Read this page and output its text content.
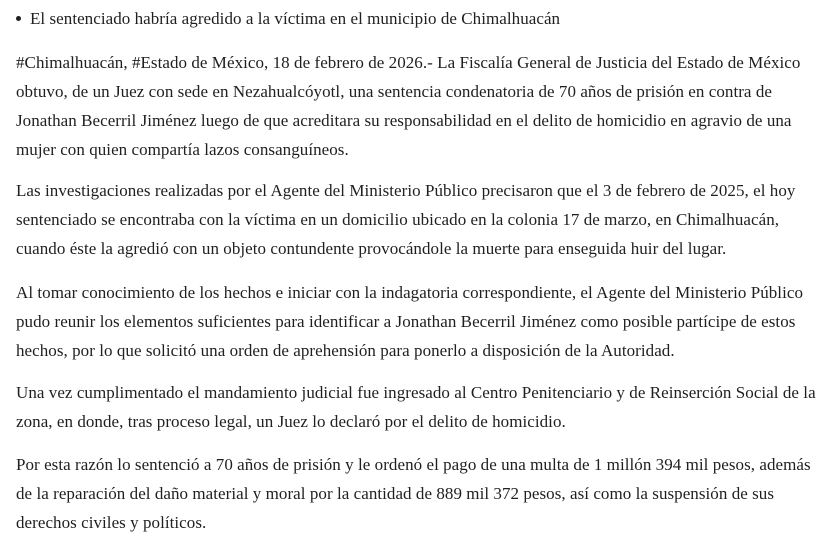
El sentenciado habría agredido a la víctima en el municipio de Chimalhuacán

#Chimalhuacán, #Estado de México, 18 de febrero de 2026.- La Fiscalía General de Justicia del Estado de México obtuvo, de un Juez con sede en Nezahualcóyotl, una sentencia condenatoria de 70 años de prisión en contra de Jonathan Becerril Jiménez luego de que acreditara su responsabilidad en el delito de homicidio en agravio de una mujer con quien compartía lazos consanguíneos.

Las investigaciones realizadas por el Agente del Ministerio Público precisaron que el 3 de febrero de 2025, el hoy sentenciado se encontraba con la víctima en un domicilio ubicado en la colonia 17 de marzo, en Chimalhuacán, cuando éste la agredió con un objeto contundente provocándole la muerte para enseguida huir del lugar.

Al tomar conocimiento de los hechos e iniciar con la indagatoria correspondiente, el Agente del Ministerio Público pudo reunir los elementos suficientes para identificar a Jonathan Becerril Jiménez como posible partícipe de estos hechos, por lo que solicitó una orden de aprehensión para ponerlo a disposición de la Autoridad.

Una vez cumplimentado el mandamiento judicial fue ingresado al Centro Penitenciario y de Reinserción Social de la zona, en donde, tras proceso legal, un Juez lo declaró por el delito de homicidio.

Por esta razón lo sentenció a 70 años de prisión y le ordenó el pago de una multa de 1 millón 394 mil pesos, además de la reparación del daño material y moral por la cantidad de 889 mil 372 pesos, así como la suspensión de sus derechos civiles y políticos.
